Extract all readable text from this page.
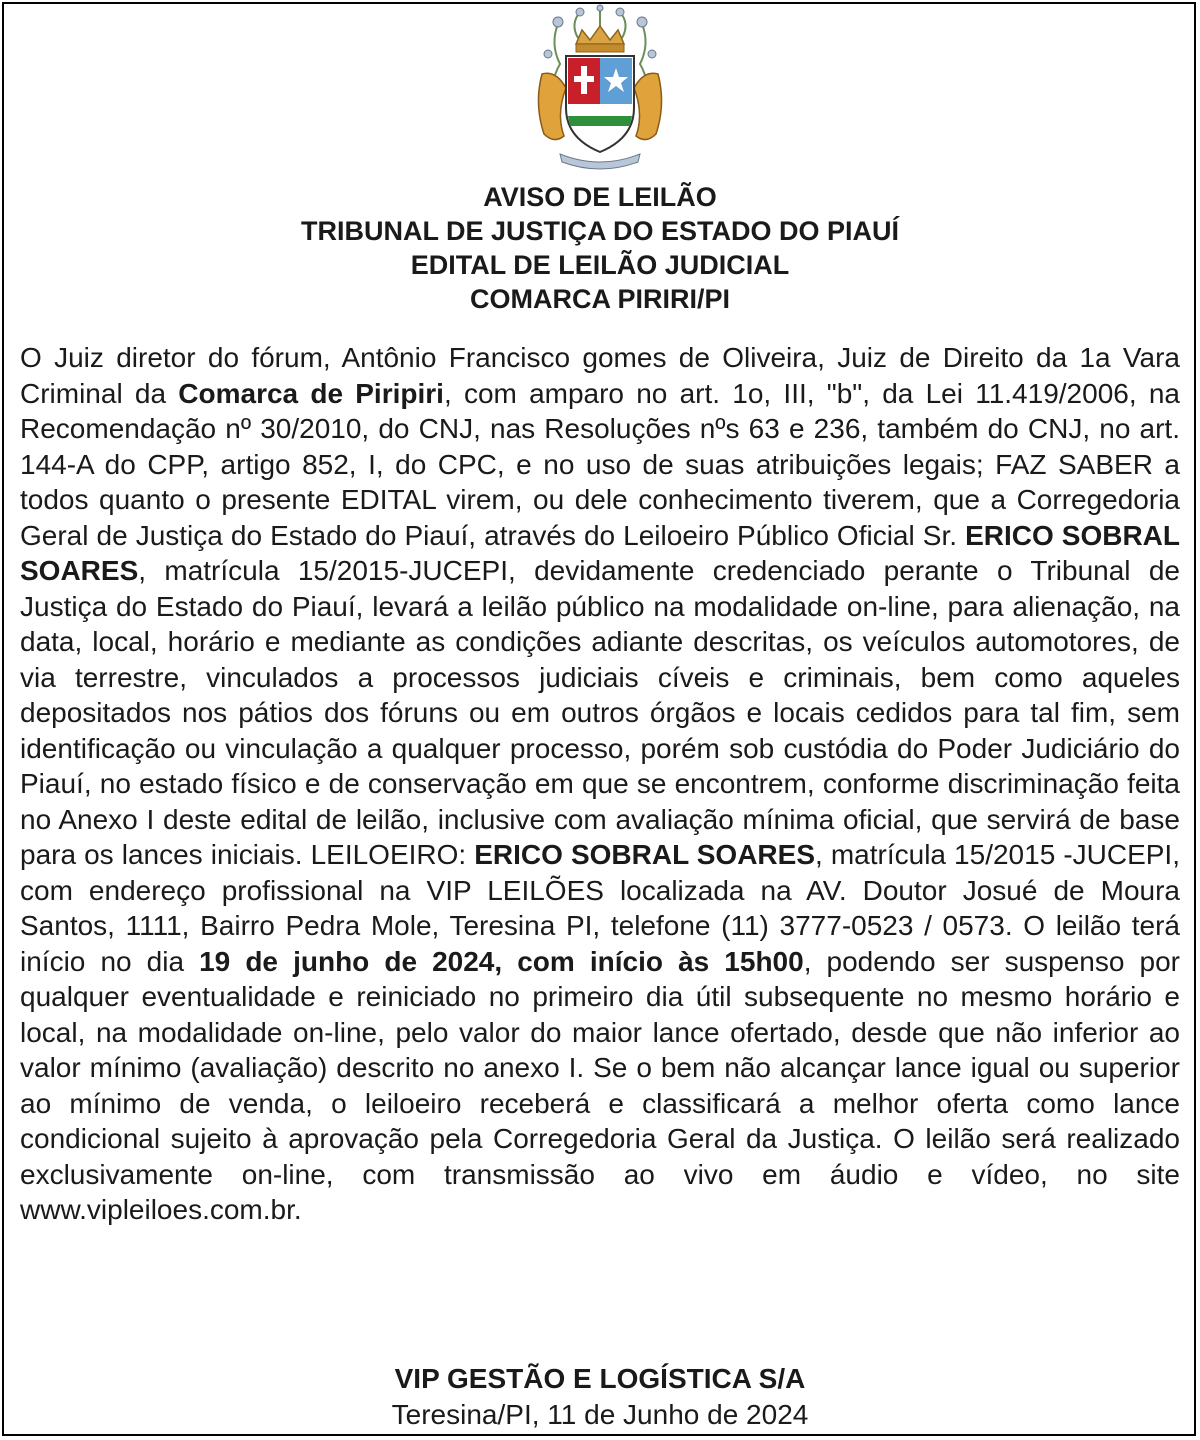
AVISO DE LEILÃO
TRIBUNAL DE JUSTIÇA DO ESTADO DO PIAUÍ
EDITAL DE LEILÃO JUDICIAL
COMARCA PIRIRI/PI

O Juiz diretor do fórum, Antônio Francisco gomes de Oliveira, Juiz de Direito da 1a Vara Criminal da Comarca de Piripiri, com amparo no art. 1o, III, "b", da Lei 11.419/2006, na Recomendação nº 30/2010, do CNJ, nas Resoluções nºs 63 e 236, também do CNJ, no art. 144-A do CPP, artigo 852, I, do CPC, e no uso de suas atribuições legais; FAZ SABER a todos quanto o presente EDITAL virem, ou dele conhecimento tiverem, que a Corregedoria Geral de Justiça do Estado do Piauí, através do Leiloeiro Público Oficial Sr. ERICO SOBRAL SOARES, matrícula 15/2015-JUCEPI, devidamente credenciado perante o Tribunal de Justiça do Estado do Piauí, levará a leilão público na modalidade on-line, para alienação, na data, local, horário e mediante as condições adiante descritas, os veículos automotores, de via terrestre, vinculados a processos judiciais cíveis e criminais, bem como aqueles depositados nos pátios dos fóruns ou em outros órgãos e locais cedidos para tal fim, sem identificação ou vinculação a qualquer processo, porém sob custódia do Poder Judiciário do Piauí, no estado físico e de conservação em que se encontrem, conforme discriminação feita no Anexo I deste edital de leilão, inclusive com avaliação mínima oficial, que servirá de base para os lances iniciais. LEILOEIRO: ERICO SOBRAL SOARES, matrícula 15/2015 -JUCEPI, com endereço profissional na VIP LEILÕES localizada na AV. Doutor Josué de Moura Santos, 1111, Bairro Pedra Mole, Teresina PI, telefone (11) 3777-0523 / 0573. O leilão terá início no dia 19 de junho de 2024, com início às 15h00, podendo ser suspenso por qualquer eventualidade e reiniciado no primeiro dia útil subsequente no mesmo horário e local, na modalidade on-line, pelo valor do maior lance ofertado, desde que não inferior ao valor mínimo (avaliação) descrito no anexo I. Se o bem não alcançar lance igual ou superior ao mínimo de venda, o leiloeiro receberá e classificará a melhor oferta como lance condicional sujeito à aprovação pela Corregedoria Geral da Justiça. O leilão será realizado exclusivamente on-line, com transmissão ao vivo em áudio e vídeo, no site www.vipleiloes.com.br.

VIP GESTÃO E LOGÍSTICA S/A
Teresina/PI, 11 de Junho de 2024
